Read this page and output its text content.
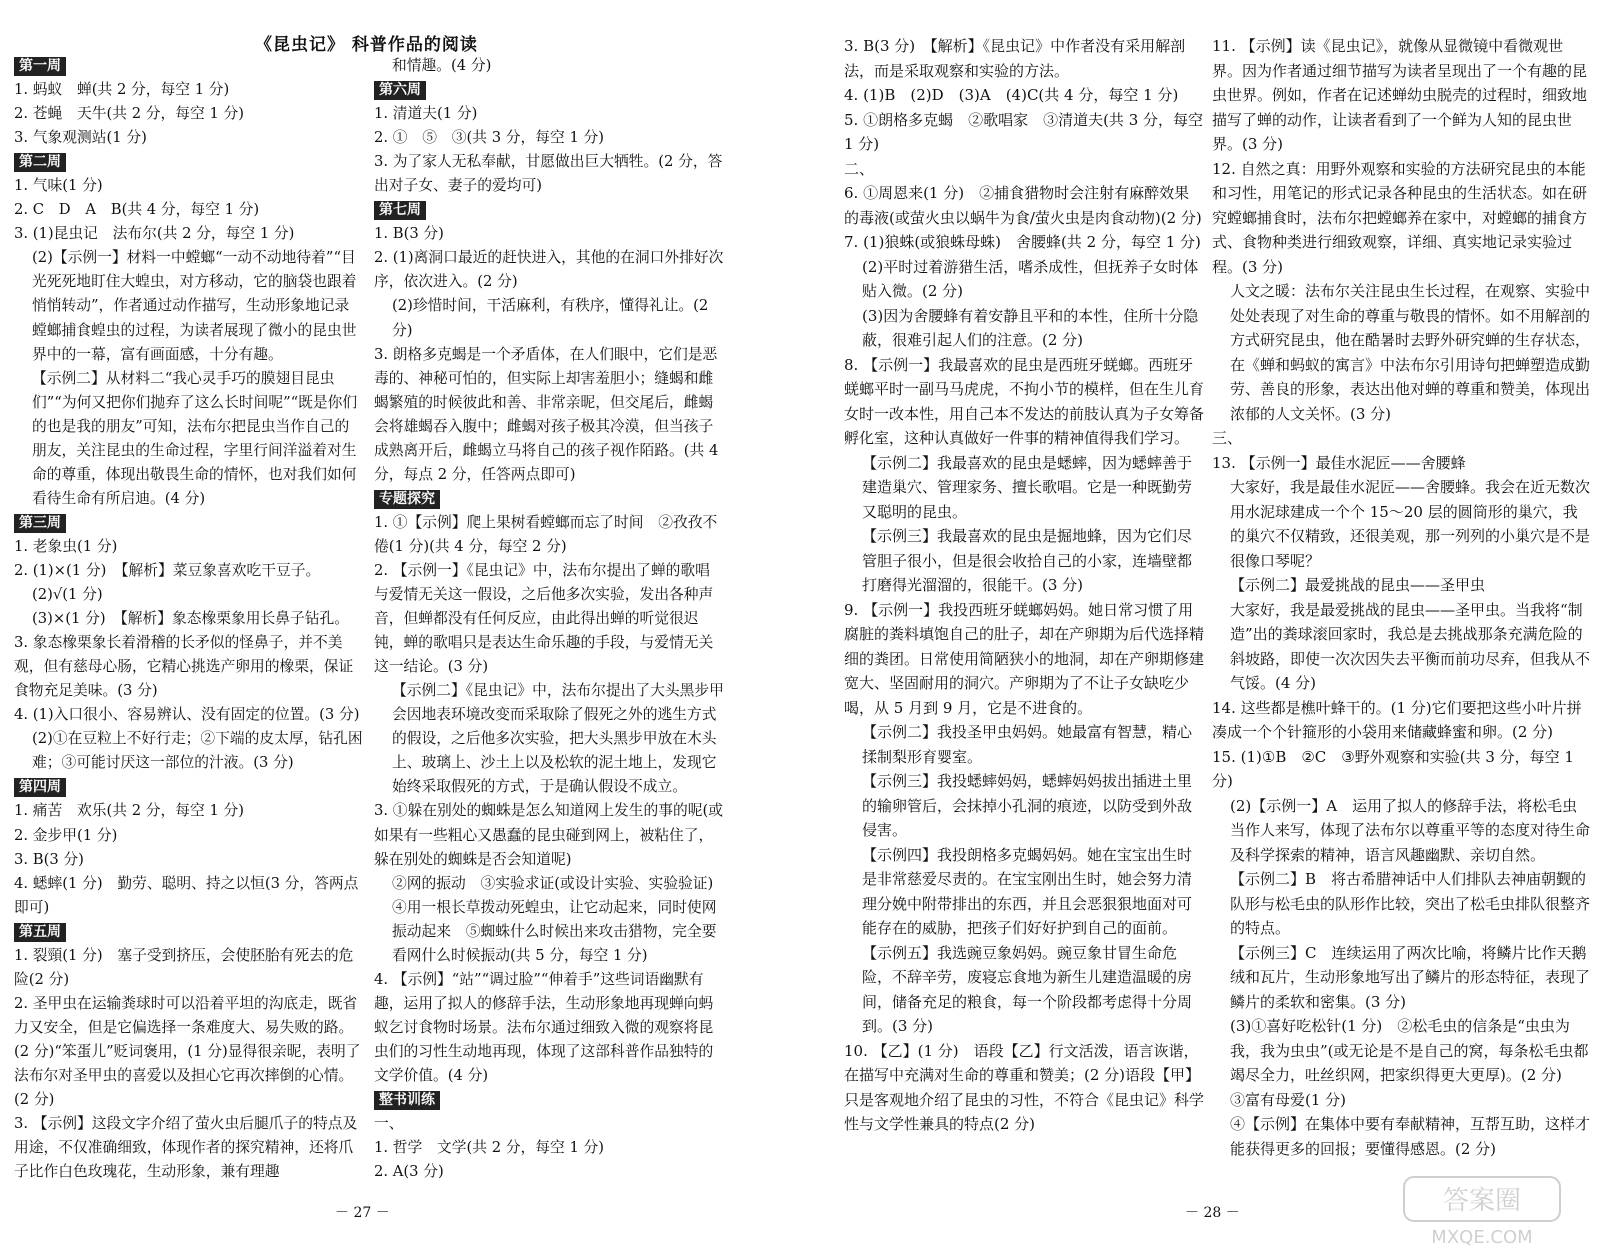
《昆虫记》 科普作品的阅读
第一周

1. 蚂蚁　蝉(共 2 分，每空 1 分)
2. 苍蝇　天牛(共 2 分，每空 1 分)
3. 气象观测站(1 分)
第二周

1. 气味(1 分)
2. C　D　A　B(共 4 分，每空 1 分)
3. (1)昆虫记　法布尔(共 2 分，每空 1 分)
(2)【示例一】材料一中螳螂“一动不动地待着”“目光死死地盯住大蝗虫，对方移动，它的脑袋也跟着悄悄转动”，作者通过动作描写，生动形象地记录螳螂捕食蝗虫的过程，为读者展现了微小的昆虫世界中的一幕，富有画面感，十分有趣。
【示例二】从材料二“我心灵手巧的膜翅目昆虫们”“为何又把你们抛弃了这么长时间呢”“既是你们的也是我的朋友”可知，法布尔把昆虫当作自己的朋友，关注昆虫的生命过程，字里行间洋溢着对生命的尊重，体现出敬畏生命的情怀，也对我们如何看待生命有所启迪。(4 分)
第三周

1. 老象虫(1 分)
2. (1)×(1 分)　【解析】菜豆象喜欢吃干豆子。
(2)√(1 分)
(3)×(1 分)　【解析】象态橡栗象用长鼻子钻孔。
3. 象态橡栗象长着滑稽的长矛似的怪鼻子，并不美观，但有慈母心肠，它精心挑选产卵用的橡栗，保证食物充足美味。(3 分)
4. (1)入口很小、容易辨认、没有固定的位置。(3 分)
(2)①在豆粒上不好行走；②下端的皮太厚，钻孔困难；③可能讨厌这一部位的汁液。(3 分)
第四周

1. 痛苦　欢乐(共 2 分，每空 1 分)
2. 金步甲(1 分)
3. B(3 分)
4. 蟋蟀(1 分)　勤劳、聪明、持之以恒(3 分，答两点即可)
第五周

1. 裂頸(1 分)　塞子受到挤压，会使胚胎有死去的危险(2 分)
2. 圣甲虫在运输粪球时可以沿着平坦的沟底走，既省力又安全，但是它偏选择一条难度大、易失败的路。(2 分)“笨蛋儿”贬词褒用，(1 分)显得很亲昵，表明了法布尔对圣甲虫的喜爱以及担心它再次摔倒的心情。(2 分)
3. 【示例】这段文字介绍了萤火虫后腿爪子的特点及用途，不仅准确细致，体现作者的探究精神，还将爪子比作白色玫瑰花，生动形象，兼有理趣
和情趣。(4 分)
第六周

1. 清道夫(1 分)
2. ①　⑤　③(共 3 分，每空 1 分)
3. 为了家人无私奉献，甘愿做出巨大牺牲。(2 分，答出对子女、妻子的爱均可)
第七周

1. B(3 分)
2. (1)离洞口最近的赶快进入，其他的在洞口外排好次序，依次进入。(2 分)
(2)珍惜时间，干活麻利，有秩序，懂得礼让。(2 分)
3. 朗格多克蝎是一个矛盾体，在人们眼中，它们是恶毒的、神秘可怕的，但实际上却害羞胆小；缝蝎和雌蝎繁殖的时候彼此和善、非常亲昵，但交尾后，雌蝎会将雄蝎吞入腹中；雌蝎对孩子极其冷漠，但当孩子成熟离开后，雌蝎立马将自己的孩子视作陌路。(共 4 分，每点 2 分，任答两点即可)
专题探究

1. ①【示例】爬上果树看螳螂而忘了时间　②孜孜不倦(1 分)(共 4 分，每空 2 分)
2. 【示例一】《昆虫记》中，法布尔提出了蝉的歌唱与爱情无关这一假设，之后他多次实验，发出各种声音，但蝉都没有任何反应，由此得出蝉的听觉很迟钝，蝉的歌唱只是表达生命乐趣的手段，与爱情无关这一结论。(3 分)
【示例二】《昆虫记》中，法布尔提出了大头黑步甲会因地表环境改变而采取除了假死之外的逃生方式的假设，之后他多次实验，把大头黑步甲放在木头上、玻璃上、沙土上以及松软的泥土地上，发现它始终采取假死的方式，于是确认假设不成立。
3. ①躲在别处的蜘蛛是怎么知道网上发生的事的呢(或如果有一些粗心又愚蠢的昆虫碰到网上，被粘住了，躲在别处的蜘蛛是否会知道呢)
②网的振动　③实验求证(或设计实验、实验验证)　④用一根长草拨动死蝗虫，让它动起来，同时使网振动起来　⑤蜘蛛什么时候出来攻击猎物，完全要看网什么时候振动(共 5 分，每空 1 分)
4. 【示例】“站”“调过脸”“伸着手”这些词语幽默有趣，运用了拟人的修辞手法，生动形象地再现蝉向蚂蚁乞讨食物时场景。法布尔通过细致入微的观察将昆虫们的习性生动地再现，体现了这部科普作品独特的文学价值。(4 分)
整书训练

一、
1. 哲学　文学(共 2 分，每空 1 分)
2. A(3 分)
－ 27 －
3. B(3 分)　【解析】《昆虫记》中作者没有采用解剖法，而是采取观察和实验的方法。
4. (1)B　(2)D　(3)A　(4)C(共 4 分，每空 1 分)
5. ①朗格多克蝎　②歌唱家　③清道夫(共 3 分，每空 1 分)
二、
6. ①周恩来(1 分)　②捕食猎物时会注射有麻醉效果的毒液(或萤火虫以蜗牛为食/萤火虫是肉食动物)(2 分)
7. (1)狼蛛(或狼蛛母蛛)　舍腰蜂(共 2 分，每空 1 分)
(2)平时过着游猎生活，嗜杀成性，但抚养子女时体贴入微。(2 分)
(3)因为舍腰蜂有着安静且平和的本性，住所十分隐蔽，很难引起人们的注意。(2 分)
8. 【示例一】我最喜欢的昆虫是西班牙蜣螂。西班牙蜣螂平时一副马马虎虎，不拘小节的模样，但在生儿育女时一改本性，用自己本不发达的前肢认真为子女筹备孵化室，这种认真做好一件事的精神值得我们学习。
【示例二】我最喜欢的昆虫是蟋蟀，因为蟋蟀善于建造巢穴、管理家务、擅长歌唱。它是一种既勤劳又聪明的昆虫。
【示例三】我最喜欢的昆虫是掘地蜂，因为它们尽管胆子很小，但是很会收拾自己的小家，连墙壁都打磨得光溜溜的，很能干。(3 分)
9. 【示例一】我投西班牙蜣螂妈妈。她日常习惯了用腐脏的粪料填饱自己的肚子，却在产卵期为后代选择精细的粪团。日常使用简陋狭小的地洞，却在产卵期修建宽大、坚固耐用的洞穴。产卵期为了不让子女缺吃少喝，从 5 月到 9 月，它是不进食的。
【示例二】我投圣甲虫妈妈。她最富有智慧，精心揉制梨形育婴室。
【示例三】我投蟋蟀妈妈，蟋蟀妈妈拔出插进土里的输卵管后，会抹掉小孔洞的痕迹，以防受到外敌侵害。
【示例四】我投朗格多克蝎妈妈。她在宝宝出生时是非常慈爱尽责的。在宝宝刚出生时，她会努力清理分娩中附带排出的东西，并且会恶狠狠地面对可能存在的威胁，把孩子们好好护到自己的面前。
【示例五】我选豌豆象妈妈。豌豆象甘冒生命危险，不辞辛劳，废寝忘食地为新生儿建造温暖的房间，储备充足的粮食，每一个阶段都考虑得十分周到。(3 分)
10. 【乙】(1 分)　语段【乙】行文活泼，语言诙谐，在描写中充满对生命的尊重和赞美；(2 分)语段【甲】只是客观地介绍了昆虫的习性，不符合《昆虫记》科学性与文学性兼具的特点(2 分)
11. 【示例】读《昆虫记》，就像从显微镜中看微观世界。因为作者通过细节描写为读者呈现出了一个有趣的昆虫世界。例如，作者在记述蝉幼虫脱壳的过程时，细致地描写了蝉的动作，让读者看到了一个鲜为人知的昆虫世界。(3 分)
12. 自然之真：用野外观察和实验的方法研究昆虫的本能和习性，用笔记的形式记录各种昆虫的生活状态。如在研究螳螂捕食时，法布尔把螳螂养在家中，对螳螂的捕食方式、食物种类进行细致观察，详细、真实地记录实验过程。(3 分)
人文之暖：法布尔关注昆虫生长过程，在观察、实验中处处表现了对生命的尊重与敬畏的情怀。如不用解剖的方式研究昆虫，他在酷暑时去野外研究蝉的生存状态，在《蝉和蚂蚁的寓言》中法布尔引用诗句把蝉塑造成勤劳、善良的形象，表达出他对蝉的尊重和赞美，体现出浓郁的人文关怀。(3 分)
三、
13. 【示例一】最佳水泥匠——舍腰蜂
大家好，我是最佳水泥匠——舍腰蜂。我会在近无数次用水泥球建成一个个 15～20 层的圆筒形的巢穴，我的巢穴不仅精致，还很美观，那一列列的小巢穴是不是很像口琴呢？
【示例二】最爱挑战的昆虫——圣甲虫
大家好，我是最爱挑战的昆虫——圣甲虫。当我将“制造”出的粪球滚回家时，我总是去挑战那条充满危险的斜坡路，即使一次次因失去平衡而前功尽弃，但我从不气馁。(4 分)
14. 这些都是樵叶蜂干的。(1 分)它们要把这些小叶片拼凑成一个个针箍形的小袋用来储藏蜂蜜和卵。(2 分)
15. (1)①B　②C　③野外观察和实验(共 3 分，每空 1 分)
(2)【示例一】A　运用了拟人的修辞手法，将松毛虫当作人来写，体现了法布尔以尊重平等的态度对待生命及科学探索的精神，语言风趣幽默、亲切自然。
【示例二】B　将古希腊神话中人们排队去神庙朝觐的队形与松毛虫的队形作比较，突出了松毛虫排队很整齐的特点。
【示例三】C　连续运用了两次比喻，将鳞片比作天鹅绒和瓦片，生动形象地写出了鳞片的形态特征，表现了鳞片的柔软和密集。(3 分)
(3)①喜好吃松针(1 分)　②松毛虫的信条是“虫虫为我，我为虫虫”(或无论是不是自己的窝，每条松毛虫都竭尽全力，吐丝织网，把家织得更大更厚)。(2 分)
③富有母爱(1 分)
④【示例】在集体中要有奉献精神，互帮互助，这样才能获得更多的回报；要懂得感恩。(2 分)
－ 28 －	答案圈
MXQE.COM
